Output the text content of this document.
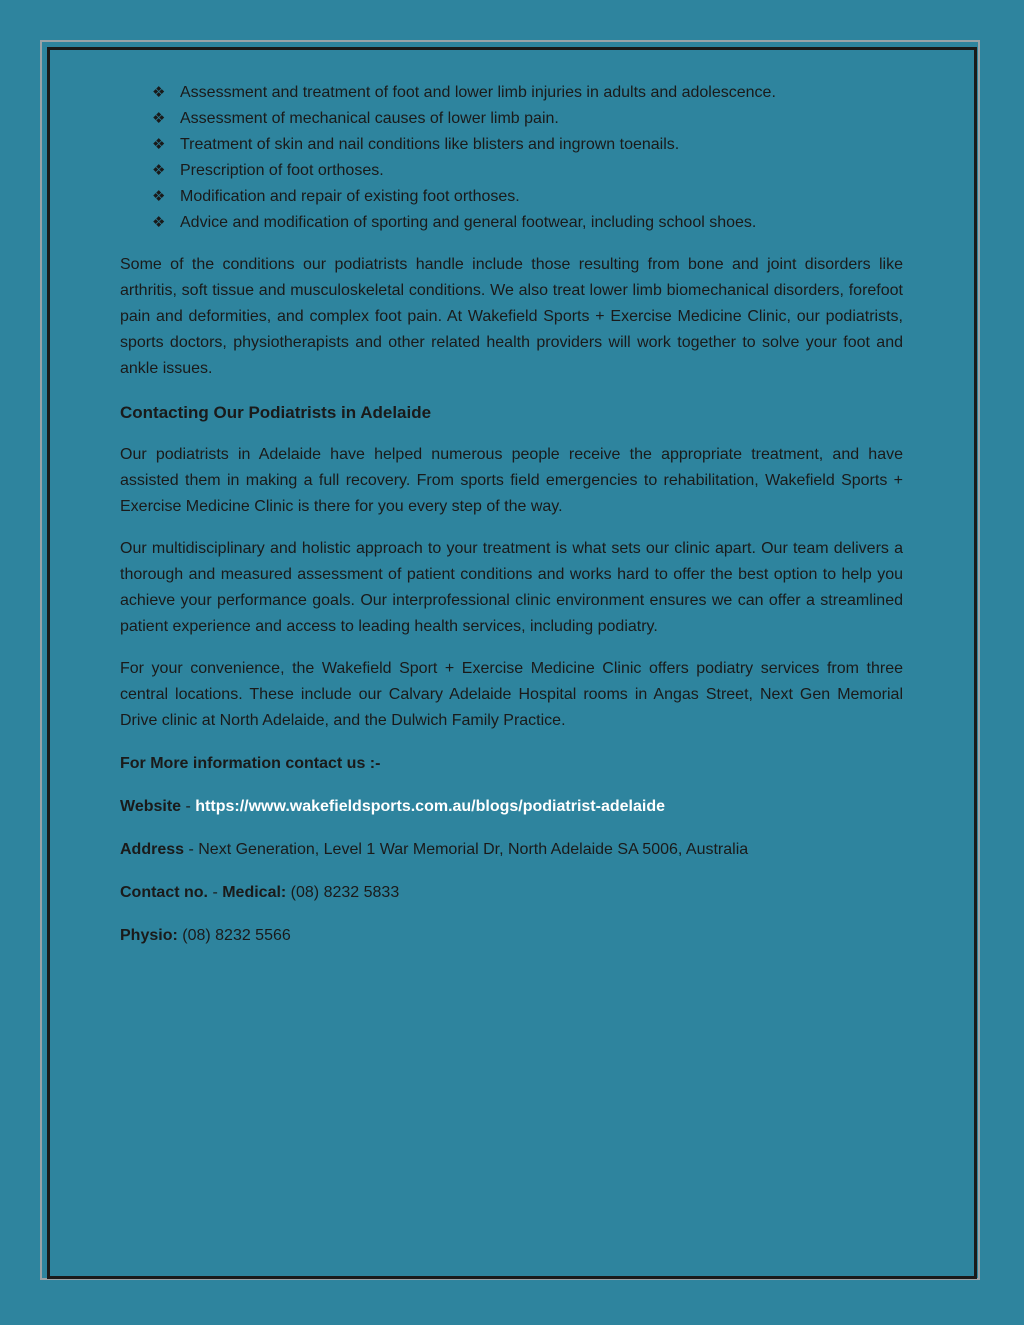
❖ Assessment and treatment of foot and lower limb injuries in adults and adolescence.
❖ Assessment of mechanical causes of lower limb pain.
❖ Treatment of skin and nail conditions like blisters and ingrown toenails.
❖ Prescription of foot orthoses.
❖ Modification and repair of existing foot orthoses.
❖ Advice and modification of sporting and general footwear, including school shoes.

Some of the conditions our podiatrists handle include those resulting from bone and joint disorders like arthritis, soft tissue and musculoskeletal conditions. We also treat lower limb biomechanical disorders, forefoot pain and deformities, and complex foot pain. At Wakefield Sports + Exercise Medicine Clinic, our podiatrists, sports doctors, physiotherapists and other related health providers will work together to solve your foot and ankle issues.

Contacting Our Podiatrists in Adelaide

Our podiatrists in Adelaide have helped numerous people receive the appropriate treatment, and have assisted them in making a full recovery. From sports field emergencies to rehabilitation, Wakefield Sports + Exercise Medicine Clinic is there for you every step of the way.

Our multidisciplinary and holistic approach to your treatment is what sets our clinic apart. Our team delivers a thorough and measured assessment of patient conditions and works hard to offer the best option to help you achieve your performance goals. Our interprofessional clinic environment ensures we can offer a streamlined patient experience and access to leading health services, including podiatry.

For your convenience, the Wakefield Sport + Exercise Medicine Clinic offers podiatry services from three central locations. These include our Calvary Adelaide Hospital rooms in Angas Street, Next Gen Memorial Drive clinic at North Adelaide, and the Dulwich Family Practice.

For More information contact us :-

Website - https://www.wakefieldsports.com.au/blogs/podiatrist-adelaide

Address - Next Generation, Level 1 War Memorial Dr, North Adelaide SA 5006, Australia

Contact no. - Medical: (08) 8232 5833

Physio: (08) 8232 5566
